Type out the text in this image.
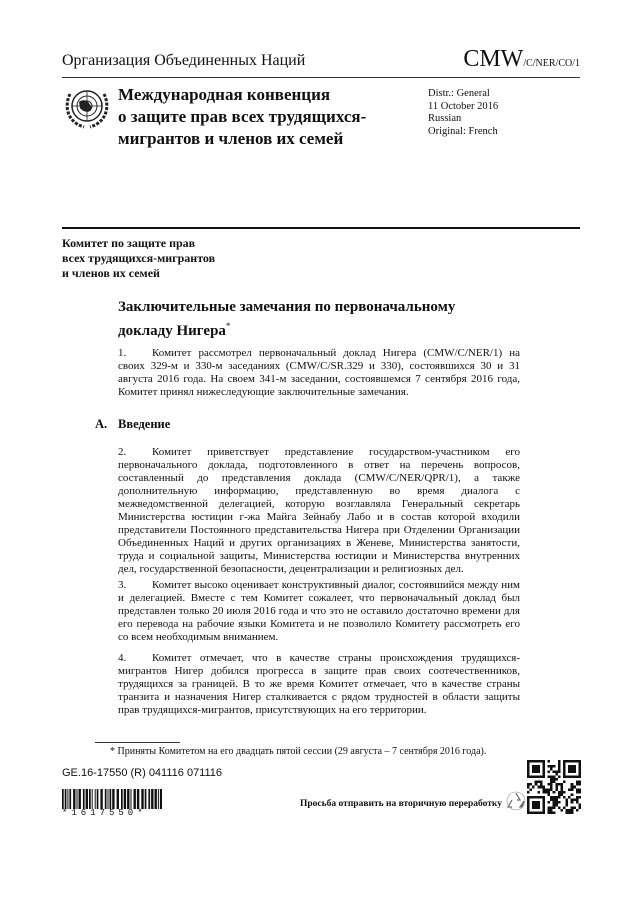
Организация Объединенных Наций	CMW/C/NER/CO/1
Международная конвенция
о защите прав всех трудящихся-
мигрантов и членов их семей
Distr.: General
11 October 2016
Russian
Original: French
Комитет по защите прав
всех трудящихся-мигрантов
и членов их семей
Заключительные замечания по первоначальному
докладу Нигера*
1. Комитет рассмотрел первоначальный доклад Нигера (CMW/C/NER/1) на своих 329-м и 330-м заседаниях (CMW/C/SR.329 и 330), состоявшихся 30 и 31 августа 2016 года. На своем 341-м заседании, состоявшемся 7 сентября 2016 года, Комитет принял нижеследующие заключительные замечания.
A. Введение
2. Комитет приветствует представление государством-участником его первоначального доклада, подготовленного в ответ на перечень вопросов, составленный до представления доклада (CMW/C/NER/QPR/1), а также дополнительную информацию, представленную во время диалога с межведомственной делегацией, которую возглавляла Генеральный секретарь Министерства юстиции г-жа Майга Зейнабу Лабо и в состав которой входили представители Постоянного представительства Нигера при Отделении Организации Объединенных Наций и других организациях в Женеве, Министерства занятости, труда и социальной защиты, Министерства юстиции и Министерства внутренних дел, государственной безопасности, децентрализации и религиозных дел.
3. Комитет высоко оценивает конструктивный диалог, состоявшийся между ним и делегацией. Вместе с тем Комитет сожалеет, что первоначальный доклад был представлен только 20 июля 2016 года и что это не оставило достаточно времени для его перевода на рабочие языки Комитета и не позволило Комитету рассмотреть его со всем необходимым вниманием.
4. Комитет отмечает, что в качестве страны происхождения трудящихся-мигрантов Нигер добился прогресса в защите прав своих соотечественников, трудящихся за границей. В то же время Комитет отмечает, что в качестве страны транзита и назначения Нигер сталкивается с рядом трудностей в области защиты прав трудящихся-мигрантов, присутствующих на его территории.
* Приняты Комитетом на его двадцать пятой сессии (29 августа – 7 сентября 2016 года).
GE.16-17550 (R) 041116 071116
*1617550*
Просьба отправить на вторичную переработку
